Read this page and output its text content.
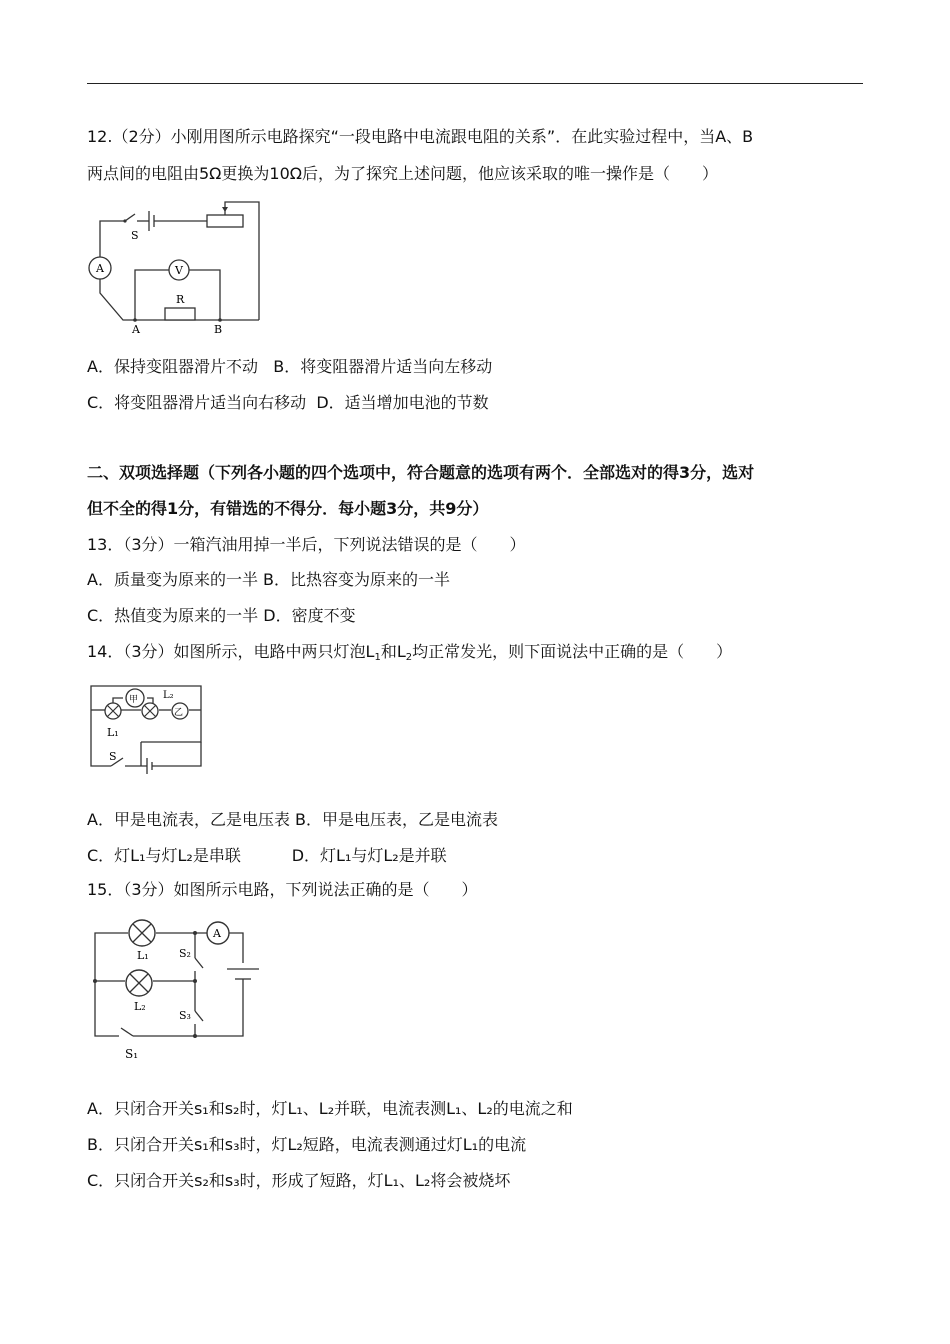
12.（2分）小刚用图所示电路探究“一段电路中电流跟电阻的关系”．在此实验过程中，当A、B
两点间的电阻由5Ω更换为10Ω后，为了探究上述问题，他应该采取的唯一操作是（　　）
S
A	V
R
A	B
A．保持变阻器滑片不动 B．将变阻器滑片适当向左移动
C．将变阻器滑片适当向右移动 D．适当增加电池的节数
二、双项选择题（下列各小题的四个选项中，符合题意的选项有两个．全部选对的得3分，选对
但不全的得1分，有错选的不得分．每小题3分，共9分）
13．（3分）一箱汽油用掉一半后，下列说法错误的是（　　）
A．质量变为原来的一半 B．比热容变为原来的一半
C．热值变为原来的一半 D．密度不变
14．（3分）如图所示，电路中两只灯泡$L_1$和$L_2$均正常发光，则下面说法中正确的是（　　）
甲
乙
L₁
L₂
S
A．甲是电流表，乙是电压表 B．甲是电压表，乙是电流表
C．灯L₁与灯L₂是串联	D．灯L₁与灯L₂是并联
15．（3分）如图所示电路，下列说法正确的是（　　）
A
L₁
L₂
S₂
S₃
S₁
A．只闭合开关s₁和s₂时，灯L₁、L₂并联，电流表测L₁、L₂的电流之和
B．只闭合开关s₁和s₃时，灯L₂短路，电流表测通过灯L₁的电流
C．只闭合开关s₂和s₃时，形成了短路，灯L₁、L₂将会被烧坏
